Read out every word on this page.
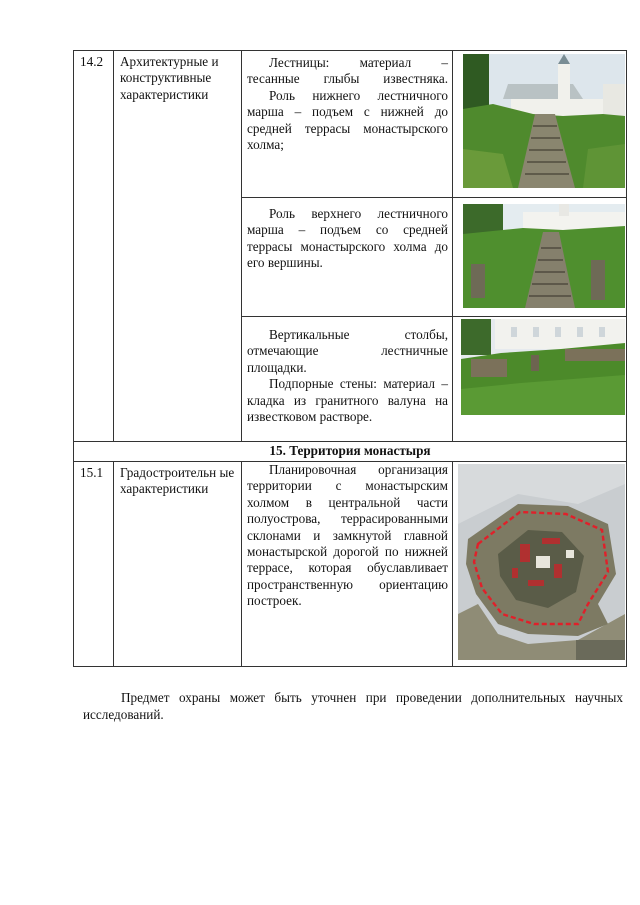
14.2	Архитектурные и конструктивные характеристики	Лестницы: материал – тесанные глыбы известняка.

Роль нижнего лестничного марша – подъем с нижней до средней террасы монастырского холма;

		Роль верхнего лестничного марша – подъем со средней террасы монастырского холма до его вершины.

		Вертикальные столбы, отмечающие лестничные площадки.

Подпорные стены: материал – кладка из гранитного валуна на известковом растворе.

15. Территория монастыря			
15.1	Градостроительн ые характеристики	Планировочная организация территории с монастырским холмом в центральной части полуострова, террасированными склонами и замкнутой главной монастырской дорогой по нижней террасе, которая обуславливает пространственную ориентацию построек.

Предмет охраны может быть уточнен при проведении дополнительных научных исследований.
